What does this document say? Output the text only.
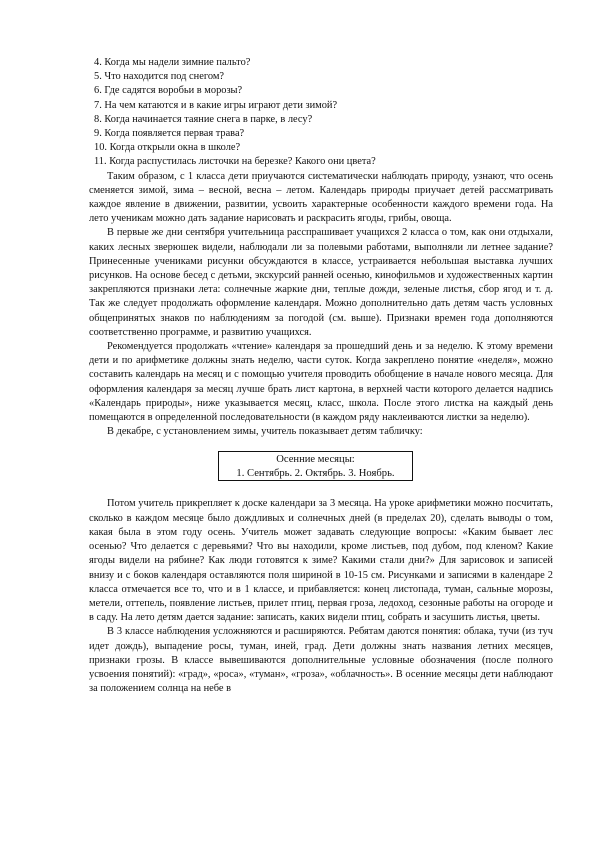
4. Когда мы надели зимние пальто?

5. Что находится под снегом?

6. Где садятся воробьи в морозы?

7. На чем катаются и в какие игры играют дети зимой?

8. Когда начинается таяние снега в парке, в лесу?

9. Когда появляется первая трава?

10. Когда открыли окна в школе?

11. Когда распустилась листочки на березке? Какого они цвета?

Таким образом, с 1 класса дети приучаются систематически наблюдать природу, узнают, что осень сменяется зимой, зима – весной, весна – летом. Календарь природы приучает детей рассматривать каждое явление в движении, развитии, усвоить характерные особенности каждого времени года. На лето ученикам можно дать задание нарисовать и раскрасить ягоды, грибы, овоща.

В первые же дни сентября учительница расспрашивает учащихся 2 класса о том, как они отдыхали, каких лесных зверюшек видели, наблюдали ли за полевыми работами, выполняли ли летнее задание? Принесенные учениками рисунки обсуждаются в классе, устраивается небольшая выставка лучших рисунков. На основе бесед с детьми, экскурсий ранней осенью, кинофильмов и художественных картин закрепляются признаки лета: солнечные жаркие дни, теплые дожди, зеленые листья, сбор ягод и т. д. Так же следует продолжать оформление календаря. Можно дополнительно дать детям часть условных общепринятых знаков по наблюдениям за погодой (см. выше). Признаки времен года дополняются соответственно программе, и развитию учащихся.

Рекомендуется продолжать «чтение» календаря за прошедший день и за неделю. К этому времени дети и по арифметике должны знать неделю, части суток. Когда закреплено понятие «неделя», можно составить календарь на месяц и с помощью учителя проводить обобщение в начале нового месяца. Для оформления календаря за месяц лучше брать лист картона, в верхней части которого делается надпись «Календарь природы», ниже указывается месяц, класс, школа. После этого листка на каждый день помещаются в определенной последовательности (в каждом ряду наклеиваются листки за неделю).

В декабре, с установлением зимы, учитель показывает детям табличку:

Осенние месяцы:
1. Сентябрь. 2. Октябрь. 3. Ноябрь.

Потом учитель прикрепляет к доске календари за 3 месяца. На уроке арифметики можно посчитать, сколько в каждом месяце было дождливых и солнечных дней (в пределах 20), сделать выводы о том, какая была в этом году осень. Учитель может задавать следующие вопросы: «Каким бывает лес осенью? Что делается с деревьями? Что вы находили, кроме листьев, под дубом, под кленом? Какие ягоды видели на рябине? Как люди готовятся к зиме? Какими стали дни?» Для зарисовок и записей внизу и с боков календаря оставляются поля шириной в 10-15 см. Рисунками и записями в календаре 2 класса отмечается все то, что и в 1 классе, и прибавляется: конец листопада, туман, сальные морозы, метели, оттепель, появление листьев, прилет птиц, первая гроза, ледоход, сезонные работы на огороде и в саду. На лето детям дается задание: записать, каких видели птиц, собрать и засушить листья, цветы.

В 3 классе наблюдения усложняются и расширяются. Ребятам даются понятия: облака, тучи (из туч идет дождь), выпадение росы, туман, иней, град. Дети должны знать названия летних месяцев, признаки грозы. В классе вывешиваются дополнительные условные обозначения (после полного усвоения понятий): «град», «роса», «туман», «гроза», «облачность». В осенние месяцы дети наблюдают за положением солнца на небе в
